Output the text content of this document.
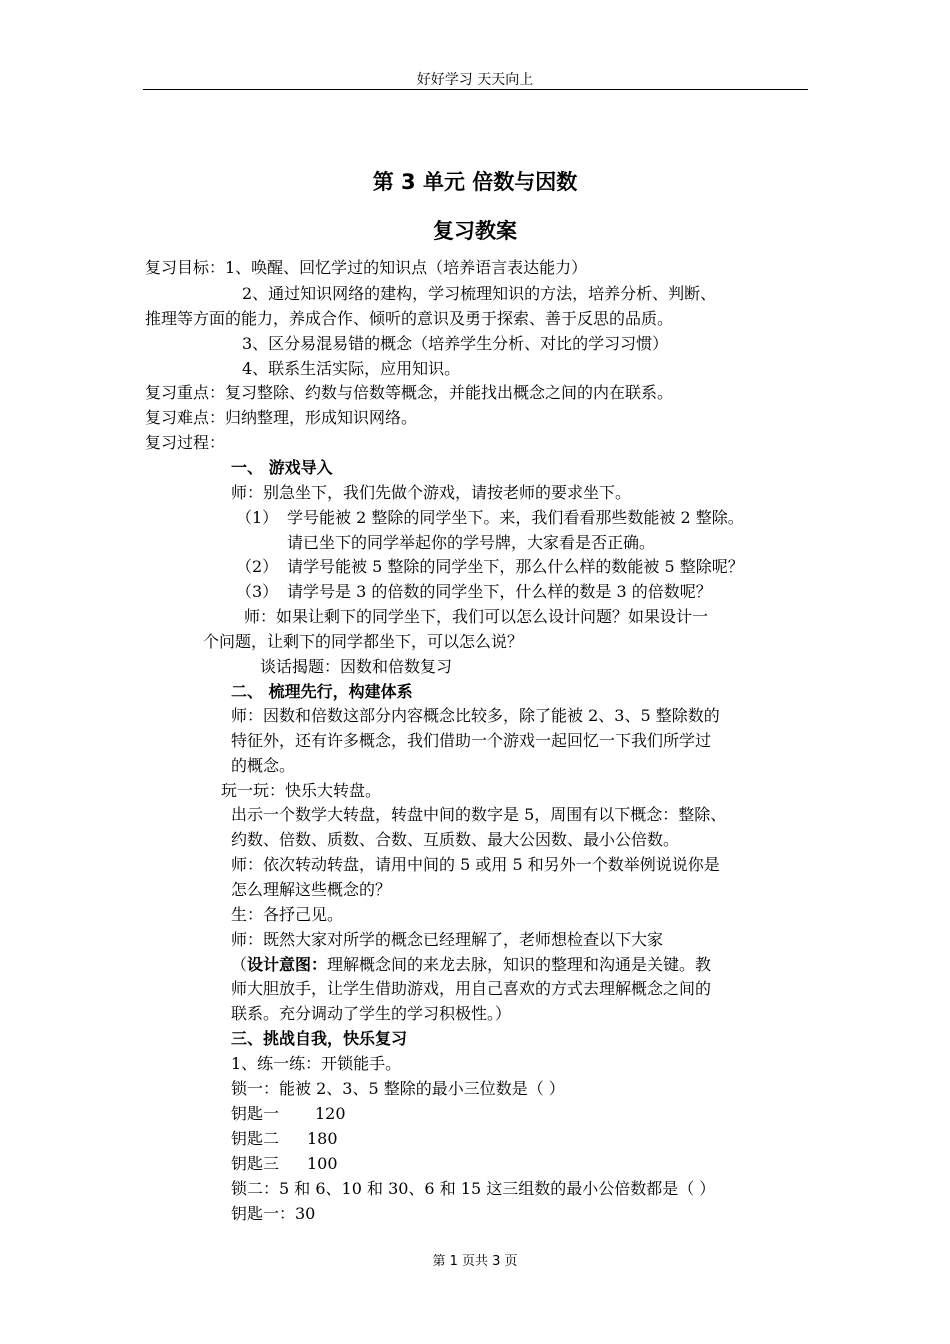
好好学习 天天向上
第 3 单元 倍数与因数
复习教案
复习目标：1、唤醒、回忆学过的知识点（培养语言表达能力）
2、通过知识网络的建构，学习梳理知识的方法，培养分析、判断、
推理等方面的能力，养成合作、倾听的意识及勇于探索、善于反思的品质。
3、区分易混易错的概念（培养学生分析、对比的学习习惯）
4、联系生活实际，应用知识。
复习重点：复习整除、约数与倍数等概念，并能找出概念之间的内在联系。
复习难点：归纳整理，形成知识网络。
复习过程：
一、 游戏导入
师：别急坐下，我们先做个游戏，请按老师的要求坐下。
（1） 学号能被 2 整除的同学坐下。来，我们看看那些数能被 2 整除。
请已坐下的同学举起你的学号牌，大家看是否正确。
（2） 请学号能被 5 整除的同学坐下，那么什么样的数能被 5 整除呢？
（3） 请学号是 3 的倍数的同学坐下，什么样的数是 3 的倍数呢？
师：如果让剩下的同学坐下，我们可以怎么设计问题？如果设计一
个问题，让剩下的同学都坐下，可以怎么说？
谈话揭题：因数和倍数复习
二、 梳理先行，构建体系
师：因数和倍数这部分内容概念比较多，除了能被 2、3、5 整除数的
特征外，还有许多概念，我们借助一个游戏一起回忆一下我们所学过
的概念。
玩一玩：快乐大转盘。
出示一个数学大转盘，转盘中间的数字是 5，周围有以下概念：整除、
约数、倍数、质数、合数、互质数、最大公因数、最小公倍数。
师：依次转动转盘，请用中间的 5 或用 5 和另外一个数举例说说你是
怎么理解这些概念的？
生：各抒己见。
师：既然大家对所学的概念已经理解了，老师想检查以下大家
（设计意图：理解概念间的来龙去脉，知识的整理和沟通是关键。教
师大胆放手，让学生借助游戏，用自己喜欢的方式去理解概念之间的
联系。充分调动了学生的学习积极性。）
三、挑战自我，快乐复习
1、练一练：开锁能手。
锁一：能被 2、3、5 整除的最小三位数是（ ）
钥匙一 120
钥匙二 180
钥匙三 100
锁二：5 和 6、10 和 30、6 和 15 这三组数的最小公倍数都是（ ）
钥匙一：30
第 1 页共 3 页
